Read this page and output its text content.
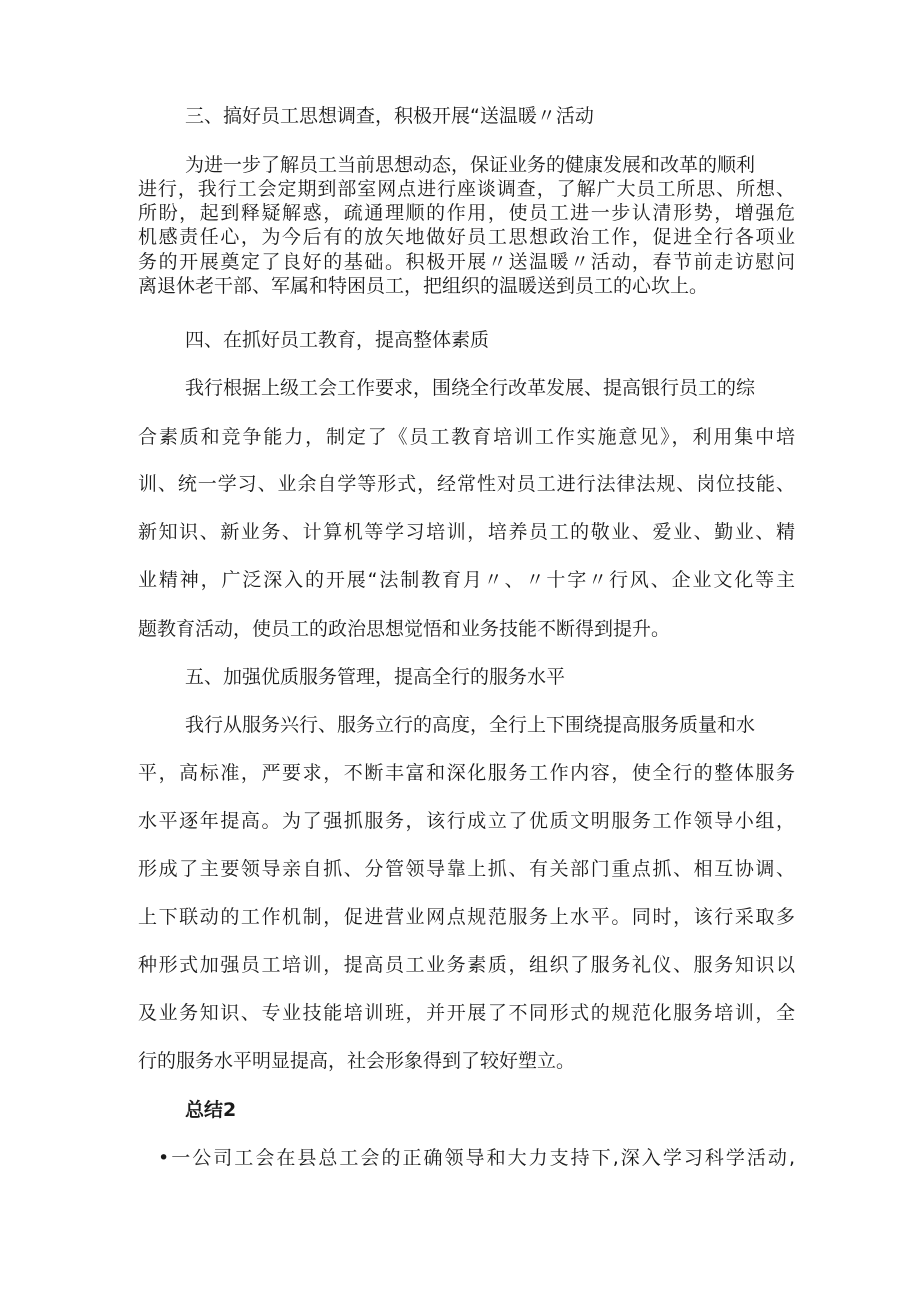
三、搞好员工思想调查，积极开展“送温暖〃活动
为进一步了解员工当前思想动态，保证业务的健康发展和改革的顺利
进行，我行工会定期到部室网点进行座谈调查，了解广大员工所思、所想、
所盼，起到释疑解惑，疏通理顺的作用，使员工进一步认清形势，增强危
机感责任心，为今后有的放矢地做好员工思想政治工作，促进全行各项业
务的开展奠定了良好的基础。积极开展〃送温暖〃活动，春节前走访慰问
离退休老干部、军属和特困员工，把组织的温暖送到员工的心坎上。
四、在抓好员工教育，提高整体素质
我行根据上级工会工作要求，围绕全行改革发展、提高银行员工的综
合素质和竞争能力，制定了《员工教育培训工作实施意见》，利用集中培
训、统一学习、业余自学等形式，经常性对员工进行法律法规、岗位技能、
新知识、新业务、计算机等学习培训，培养员工的敬业、爱业、勤业、精
业精神，广泛深入的开展“法制教育月〃、〃十字〃行风、企业文化等主
题教育活动，使员工的政治思想觉悟和业务技能不断得到提升。
五、加强优质服务管理，提高全行的服务水平
我行从服务兴行、服务立行的高度，全行上下围绕提高服务质量和水
平，高标准，严要求，不断丰富和深化服务工作内容，使全行的整体服务
水平逐年提高。为了强抓服务，该行成立了优质文明服务工作领导小组，
形成了主要领导亲自抓、分管领导靠上抓、有关部门重点抓、相互协调、
上下联动的工作机制，促进营业网点规范服务上水平。同时，该行采取多
种形式加强员工培训，提高员工业务素质，组织了服务礼仪、服务知识以
及业务知识、专业技能培训班，并开展了不同形式的规范化服务培训，全
行的服务水平明显提高，社会形象得到了较好塑立。
总结2
•一公司工会在县总工会的正确领导和大力支持下,深入学习科学活动,
